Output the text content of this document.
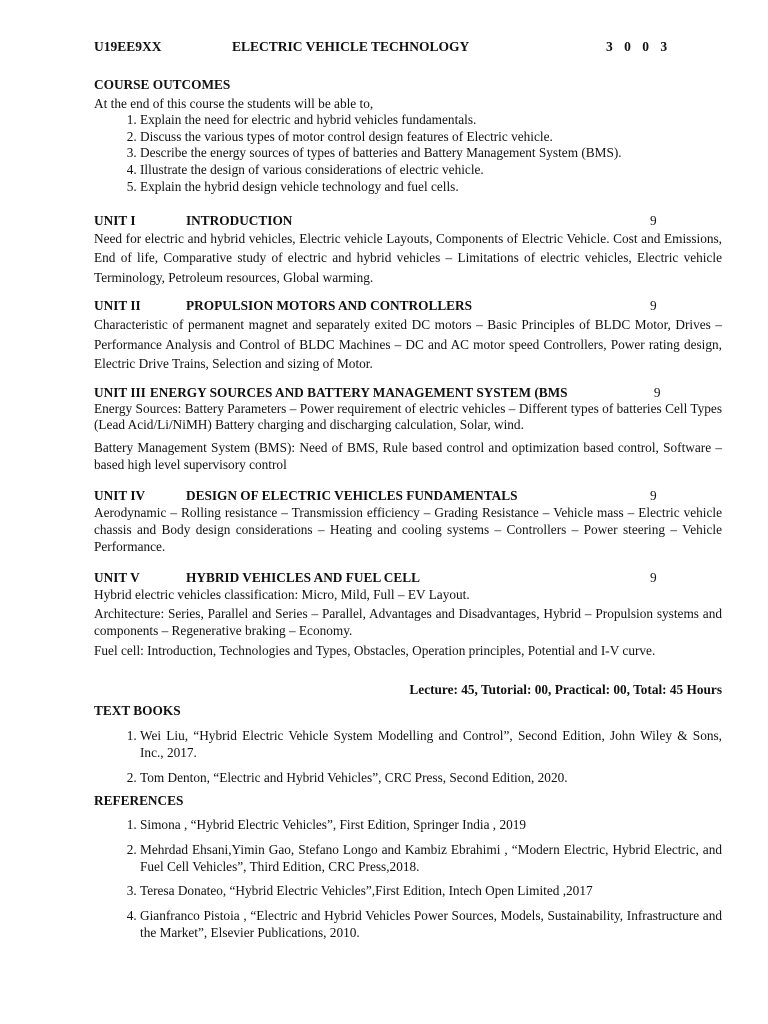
U19EE9XX	ELECTRIC VEHICLE TECHNOLOGY	3 0 0 3
COURSE OUTCOMES
At the end of this course the students will be able to,
1. Explain the need for electric and hybrid vehicles fundamentals.
2. Discuss the various types of motor control design features of Electric vehicle.
3. Describe the energy sources of types of batteries and Battery Management System (BMS).
4. Illustrate the design of various considerations of electric vehicle.
5. Explain the hybrid design vehicle technology and fuel cells.
UNIT I	INTRODUCTION	9
Need for electric and hybrid vehicles, Electric vehicle Layouts, Components of Electric Vehicle. Cost and Emissions, End of life, Comparative study of electric and hybrid vehicles – Limitations of electric vehicles, Electric vehicle Terminology, Petroleum resources, Global warming.
UNIT II	PROPULSION MOTORS AND CONTROLLERS	9
Characteristic of permanent magnet and separately exited DC motors – Basic Principles of BLDC Motor, Drives – Performance Analysis and Control of BLDC Machines – DC and AC motor speed Controllers, Power rating design, Electric Drive Trains, Selection and sizing of Motor.
UNIT III ENERGY SOURCES AND BATTERY MANAGEMENT SYSTEM (BMS	9
Energy Sources: Battery Parameters – Power requirement of electric vehicles – Different types of batteries Cell Types (Lead Acid/Li/NiMH) Battery charging and discharging calculation, Solar, wind.
Battery Management System (BMS): Need of BMS, Rule based control and optimization based control, Software – based high level supervisory control
UNIT IV	DESIGN OF ELECTRIC VEHICLES FUNDAMENTALS	9
Aerodynamic – Rolling resistance – Transmission efficiency – Grading Resistance – Vehicle mass – Electric vehicle chassis and Body design considerations – Heating and cooling systems – Controllers – Power steering – Vehicle Performance.
UNIT V	HYBRID VEHICLES AND FUEL CELL	9
Hybrid electric vehicles classification: Micro, Mild, Full – EV Layout.
Architecture: Series, Parallel and Series – Parallel, Advantages and Disadvantages, Hybrid – Propulsion systems and components – Regenerative braking – Economy.
Fuel cell: Introduction, Technologies and Types, Obstacles, Operation principles, Potential and I-V curve.
Lecture: 45, Tutorial: 00, Practical: 00, Total: 45 Hours
TEXT BOOKS
1. Wei Liu, “Hybrid Electric Vehicle System Modelling and Control”, Second Edition, John Wiley & Sons, Inc., 2017.
2. Tom Denton, “Electric and Hybrid Vehicles”, CRC Press, Second Edition, 2020.
REFERENCES
1. Simona , “Hybrid Electric Vehicles”, First Edition, Springer India , 2019
2. Mehrdad Ehsani,Yimin Gao, Stefano Longo and Kambiz Ebrahimi , “Modern Electric, Hybrid Electric, and Fuel Cell Vehicles”, Third Edition, CRC Press,2018.
3. Teresa Donateo, “Hybrid Electric Vehicles”,First Edition, Intech Open Limited ,2017
4. Gianfranco Pistoia , “Electric and Hybrid Vehicles Power Sources, Models, Sustainability, Infrastructure and the Market”, Elsevier Publications, 2010.
